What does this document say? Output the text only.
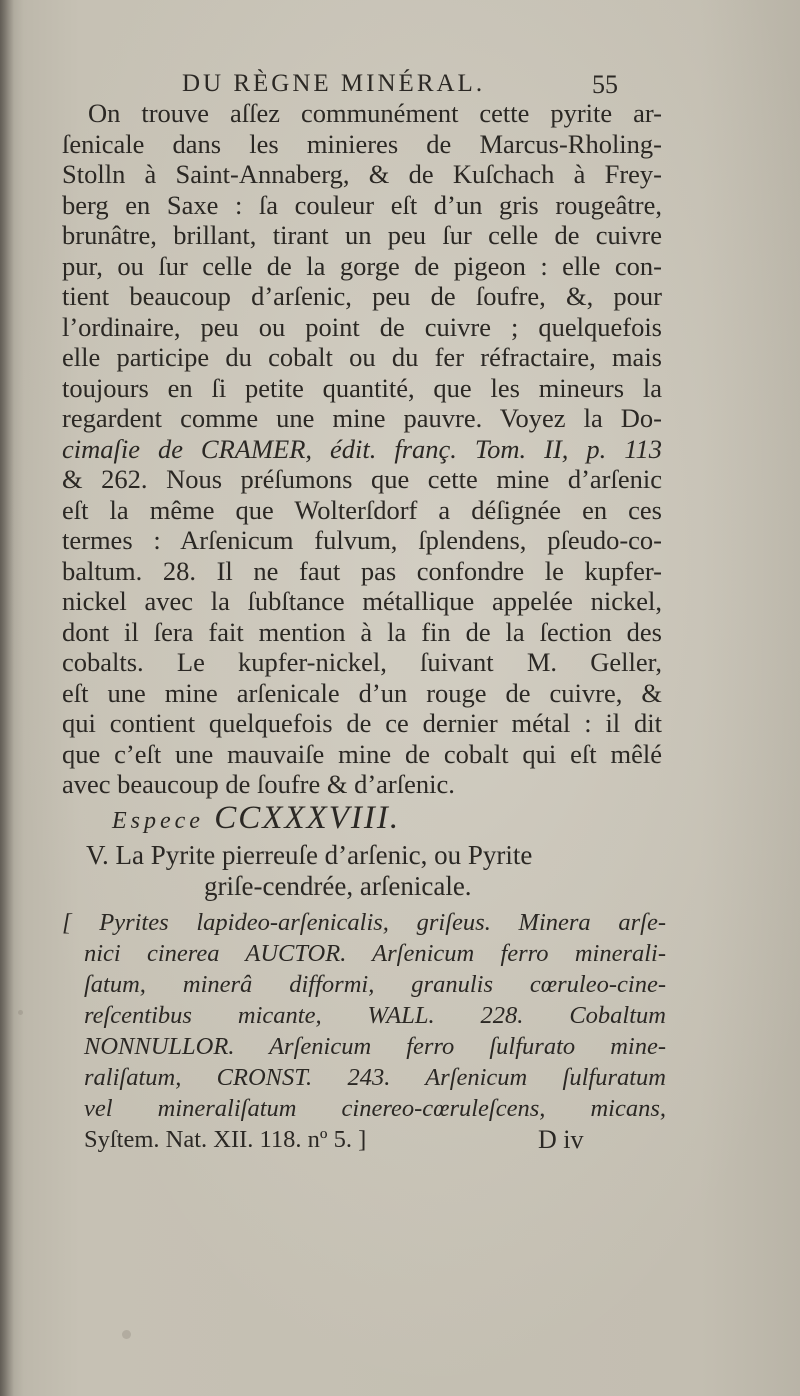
DU RÈGNE MINÉRAL.	55
On trouve aſſez communément cette pyrite ar-
ſenicale dans les minieres de Marcus-Rholing-
Stolln à Saint-Annaberg, & de Kuſchach à Frey-
berg en Saxe : ſa couleur eſt d’un gris rougeâtre,
brunâtre, brillant, tirant un peu ſur celle de cuivre
pur, ou ſur celle de la gorge de pigeon : elle con-
tient beaucoup d’arſenic, peu de ſoufre, &, pour
l’ordinaire, peu ou point de cuivre ; quelquefois
elle participe du cobalt ou du fer réfractaire, mais
toujours en ſi petite quantité, que les mineurs la
regardent comme une mine pauvre. Voyez la Do-
cimaſie de CRAMER, édit. franç. Tom. II, p. 113
& 262. Nous préſumons que cette mine d’arſenic
eſt la même que Wolterſdorf a déſignée en ces
termes : Arſenicum fulvum, ſplendens, pſeudo-co-
baltum. 28. Il ne faut pas confondre le kupfer-
nickel avec la ſubſtance métallique appelée nickel,
dont il ſera fait mention à la fin de la ſection des
cobalts. Le kupfer-nickel, ſuivant M. Geller,
eſt une mine arſenicale d’un rouge de cuivre, &
qui contient quelquefois de ce dernier métal : il dit
que c’eſt une mauvaiſe mine de cobalt qui eſt mêlé
avec beaucoup de ſoufre & d’arſenic.
Espece CCXXXVIII.
V. La Pyrite pierreuſe d’arſenic, ou Pyrite
griſe-cendrée, arſenicale.
[ Pyrites lapideo-arſenicalis, griſeus. Minera arſe-
nici cinerea AUCTOR. Arſenicum ferro minerali-
ſatum, minerâ difformi, granulis cœruleo-cine-
reſcentibus micante, WALL. 228. Cobaltum
NONNULLOR. Arſenicum ferro ſulfurato mine-
raliſatum, CRONST. 243. Arſenicum ſulfuratum
vel mineraliſatum cinereo-cœruleſcens, micans,
Syſtem. Nat. XII. 118. nº 5. ]	D iv
